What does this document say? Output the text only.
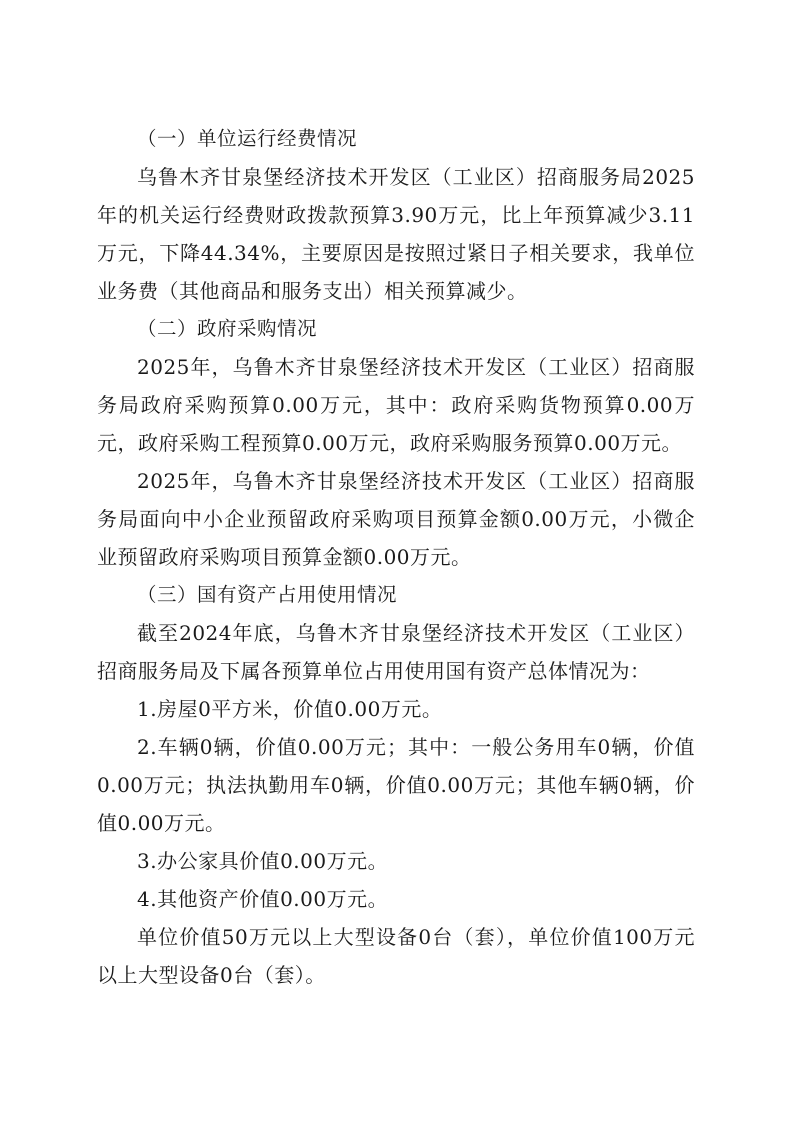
（一）单位运行经费情况

乌鲁木齐甘泉堡经济技术开发区（工业区）招商服务局2025年的机关运行经费财政拨款预算3.90万元，比上年预算减少3.11万元，下降44.34%，主要原因是按照过紧日子相关要求，我单位业务费（其他商品和服务支出）相关预算减少。

（二）政府采购情况

2025年，乌鲁木齐甘泉堡经济技术开发区（工业区）招商服务局政府采购预算0.00万元，其中：政府采购货物预算0.00万元，政府采购工程预算0.00万元，政府采购服务预算0.00万元。

2025年，乌鲁木齐甘泉堡经济技术开发区（工业区）招商服务局面向中小企业预留政府采购项目预算金额0.00万元，小微企业预留政府采购项目预算金额0.00万元。

（三）国有资产占用使用情况

截至2024年底，乌鲁木齐甘泉堡经济技术开发区（工业区）招商服务局及下属各预算单位占用使用国有资产总体情况为：

1.房屋0平方米，价值0.00万元。

2.车辆0辆，价值0.00万元；其中：一般公务用车0辆，价值0.00万元；执法执勤用车0辆，价值0.00万元；其他车辆0辆，价值0.00万元。

3.办公家具价值0.00万元。

4.其他资产价值0.00万元。

单位价值50万元以上大型设备0台（套），单位价值100万元以上大型设备0台（套）。
